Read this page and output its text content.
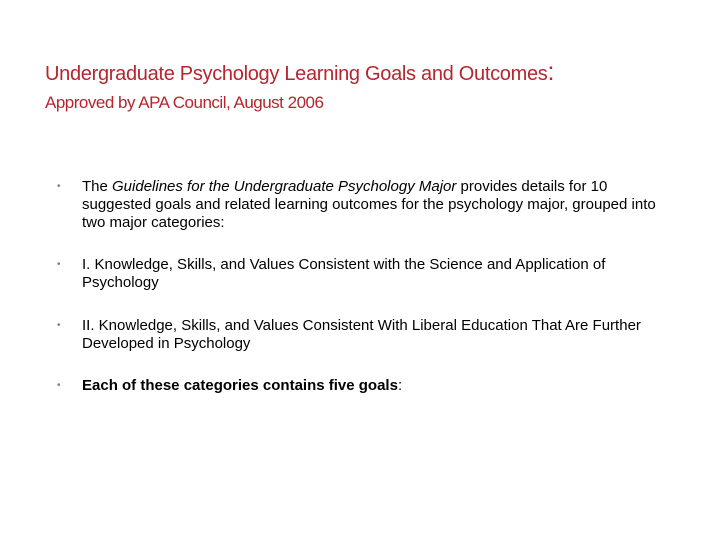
Undergraduate Psychology Learning Goals and Outcomes:
Approved by APA Council, August 2006
•	The Guidelines for the Undergraduate Psychology Major provides details for 10 suggested goals and related learning outcomes for the psychology major, grouped into two major categories:
•	I. Knowledge, Skills, and Values Consistent with the Science and Application of Psychology
•	II. Knowledge, Skills, and Values Consistent With Liberal Education That Are Further Developed in Psychology
•	Each of these categories contains five goals:
